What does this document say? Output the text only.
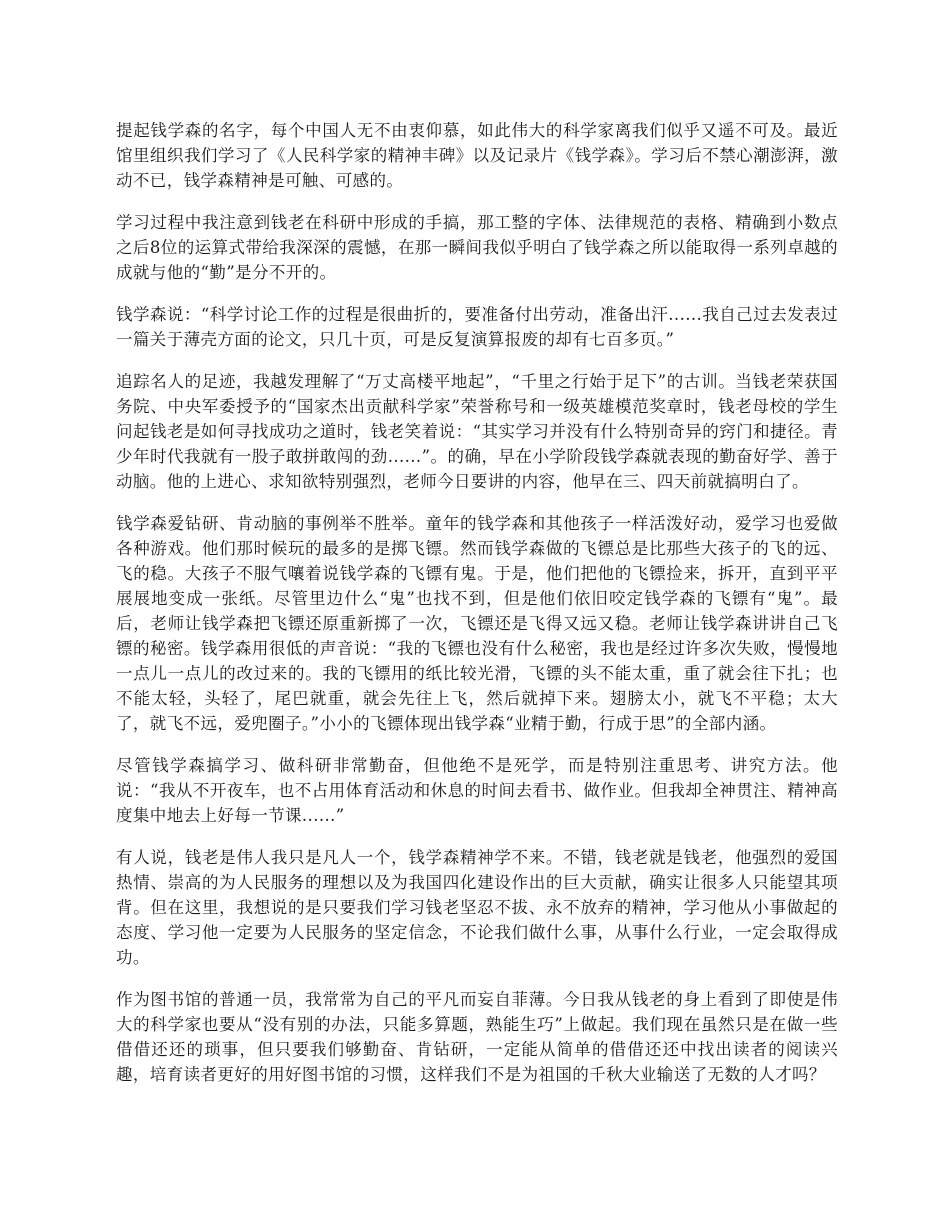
提起钱学森的名字，每个中国人无不由衷仰慕，如此伟大的科学家离我们似乎又遥不可及。最近馆里组织我们学习了《人民科学家的精神丰碑》以及记录片《钱学森》。学习后不禁心潮澎湃，激动不已，钱学森精神是可触、可感的。

学习过程中我注意到钱老在科研中形成的手搞，那工整的字体、法律规范的表格、精确到小数点之后8位的运算式带给我深深的震憾，在那一瞬间我似乎明白了钱学森之所以能取得一系列卓越的成就与他的“勤”是分不开的。

钱学森说：“科学讨论工作的过程是很曲折的，要准备付出劳动，准备出汗......我自己过去发表过一篇关于薄壳方面的论文，只几十页，可是反复演算报废的却有七百多页。”

追踪名人的足迹，我越发理解了“万丈高楼平地起”，“千里之行始于足下”的古训。当钱老荣获国务院、中央军委授予的“国家杰出贡献科学家”荣誉称号和一级英雄模范奖章时，钱老母校的学生问起钱老是如何寻找成功之道时，钱老笑着说：“其实学习并没有什么特别奇异的窍门和捷径。青少年时代我就有一股子敢拼敢闯的劲......”。的确，早在小学阶段钱学森就表现的勤奋好学、善于动脑。他的上进心、求知欲特别强烈，老师今日要讲的内容，他早在三、四天前就搞明白了。

钱学森爱钻研、肯动脑的事例举不胜举。童年的钱学森和其他孩子一样活泼好动，爱学习也爱做各种游戏。他们那时候玩的最多的是掷飞镖。然而钱学森做的飞镖总是比那些大孩子的飞的远、飞的稳。大孩子不服气嚷着说钱学森的飞镖有鬼。于是，他们把他的飞镖捡来，拆开，直到平平展展地变成一张纸。尽管里边什么“鬼”也找不到，但是他们依旧咬定钱学森的飞镖有“鬼”。最后，老师让钱学森把飞镖还原重新掷了一次，飞镖还是飞得又远又稳。老师让钱学森讲讲自己飞镖的秘密。钱学森用很低的声音说：“我的飞镖也没有什么秘密，我也是经过许多次失败，慢慢地一点儿一点儿的改过来的。我的飞镖用的纸比较光滑，飞镖的头不能太重，重了就会往下扎；也不能太轻，头轻了，尾巴就重，就会先往上飞，然后就掉下来。翅膀太小，就飞不平稳；太大了，就飞不远，爱兜圈子。”小小的飞镖体现出钱学森“业精于勤，行成于思”的全部内涵。

尽管钱学森搞学习、做科研非常勤奋，但他绝不是死学，而是特别注重思考、讲究方法。他说：“我从不开夜车，也不占用体育活动和休息的时间去看书、做作业。但我却全神贯注、精神高度集中地去上好每一节课......”

有人说，钱老是伟人我只是凡人一个，钱学森精神学不来。不错，钱老就是钱老，他强烈的爱国热情、崇高的为人民服务的理想以及为我国四化建设作出的巨大贡献，确实让很多人只能望其项背。但在这里，我想说的是只要我们学习钱老坚忍不拔、永不放弃的精神，学习他从小事做起的态度、学习他一定要为人民服务的坚定信念，不论我们做什么事，从事什么行业，一定会取得成功。

作为图书馆的普通一员，我常常为自己的平凡而妄自菲薄。今日我从钱老的身上看到了即使是伟大的科学家也要从“没有别的办法，只能多算题，熟能生巧”上做起。我们现在虽然只是在做一些借借还还的琐事，但只要我们够勤奋、肯钻研，一定能从简单的借借还还中找出读者的阅读兴趣，培育读者更好的用好图书馆的习惯，这样我们不是为祖国的千秋大业输送了无数的人才吗？
